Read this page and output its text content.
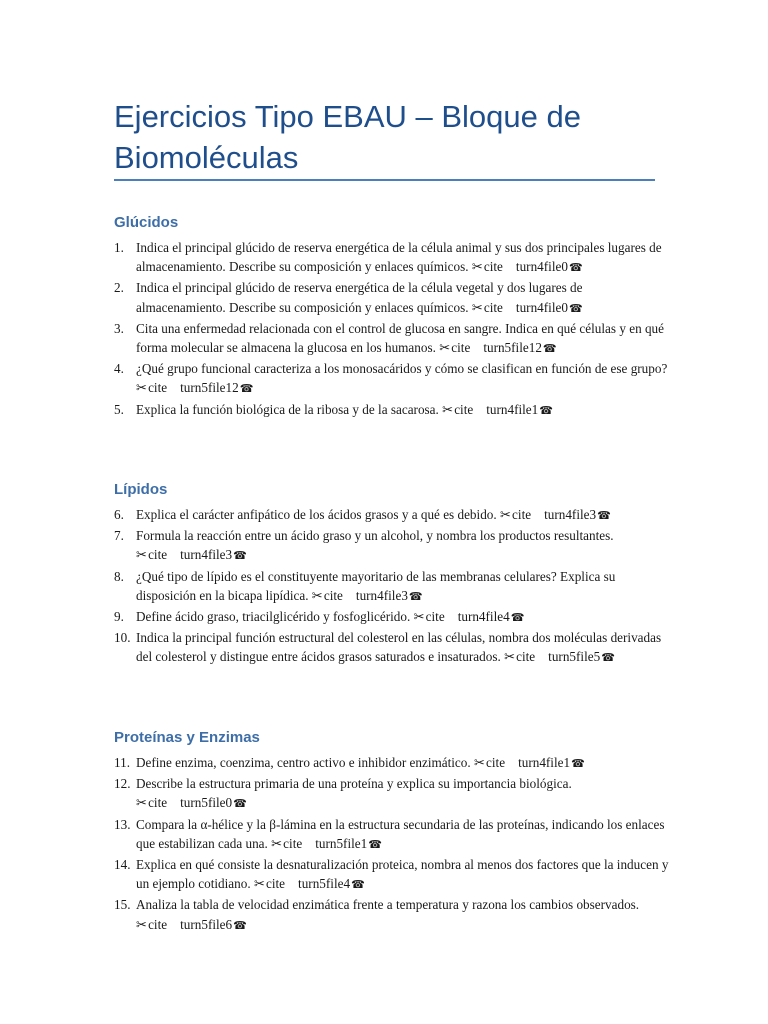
Ejercicios Tipo EBAU – Bloque de Biomoléculas
Glúcidos
1. Indica el principal glúcido de reserva energética de la célula animal y sus dos principales lugares de almacenamiento. Describe su composición y enlaces químicos. ✂cite turn4file0☎
2. Indica el principal glúcido de reserva energética de la célula vegetal y dos lugares de almacenamiento. Describe su composición y enlaces químicos. ✂cite turn4file0☎
3. Cita una enfermedad relacionada con el control de glucosa en sangre. Indica en qué células y en qué forma molecular se almacena la glucosa en los humanos. ✂cite turn5file12☎
4. ¿Qué grupo funcional caracteriza a los monosacáridos y cómo se clasifican en función de ese grupo? ✂cite turn5file12☎
5. Explica la función biológica de la ribosa y de la sacarosa. ✂cite turn4file1☎
Lípidos
6. Explica el carácter anfipático de los ácidos grasos y a qué es debido. ✂cite turn4file3☎
7. Formula la reacción entre un ácido graso y un alcohol, y nombra los productos resultantes. ✂cite turn4file3☎
8. ¿Qué tipo de lípido es el constituyente mayoritario de las membranas celulares? Explica su disposición en la bicapa lipídica. ✂cite turn4file3☎
9. Define ácido graso, triacilglicérido y fosfoglicérido. ✂cite turn4file4☎
10. Indica la principal función estructural del colesterol en las células, nombra dos moléculas derivadas del colesterol y distingue entre ácidos grasos saturados e insaturados. ✂cite turn5file5☎
Proteínas y Enzimas
11. Define enzima, coenzima, centro activo e inhibidor enzimático. ✂cite turn4file1☎
12. Describe la estructura primaria de una proteína y explica su importancia biológica. ✂cite turn5file0☎
13. Compara la α-hélice y la β-lámina en la estructura secundaria de las proteínas, indicando los enlaces que estabilizan cada una. ✂cite turn5file1☎
14. Explica en qué consiste la desnaturalización proteica, nombra al menos dos factores que la inducen y un ejemplo cotidiano. ✂cite turn5file4☎
15. Analiza la tabla de velocidad enzimática frente a temperatura y razona los cambios observados. ✂cite turn5file6☎
